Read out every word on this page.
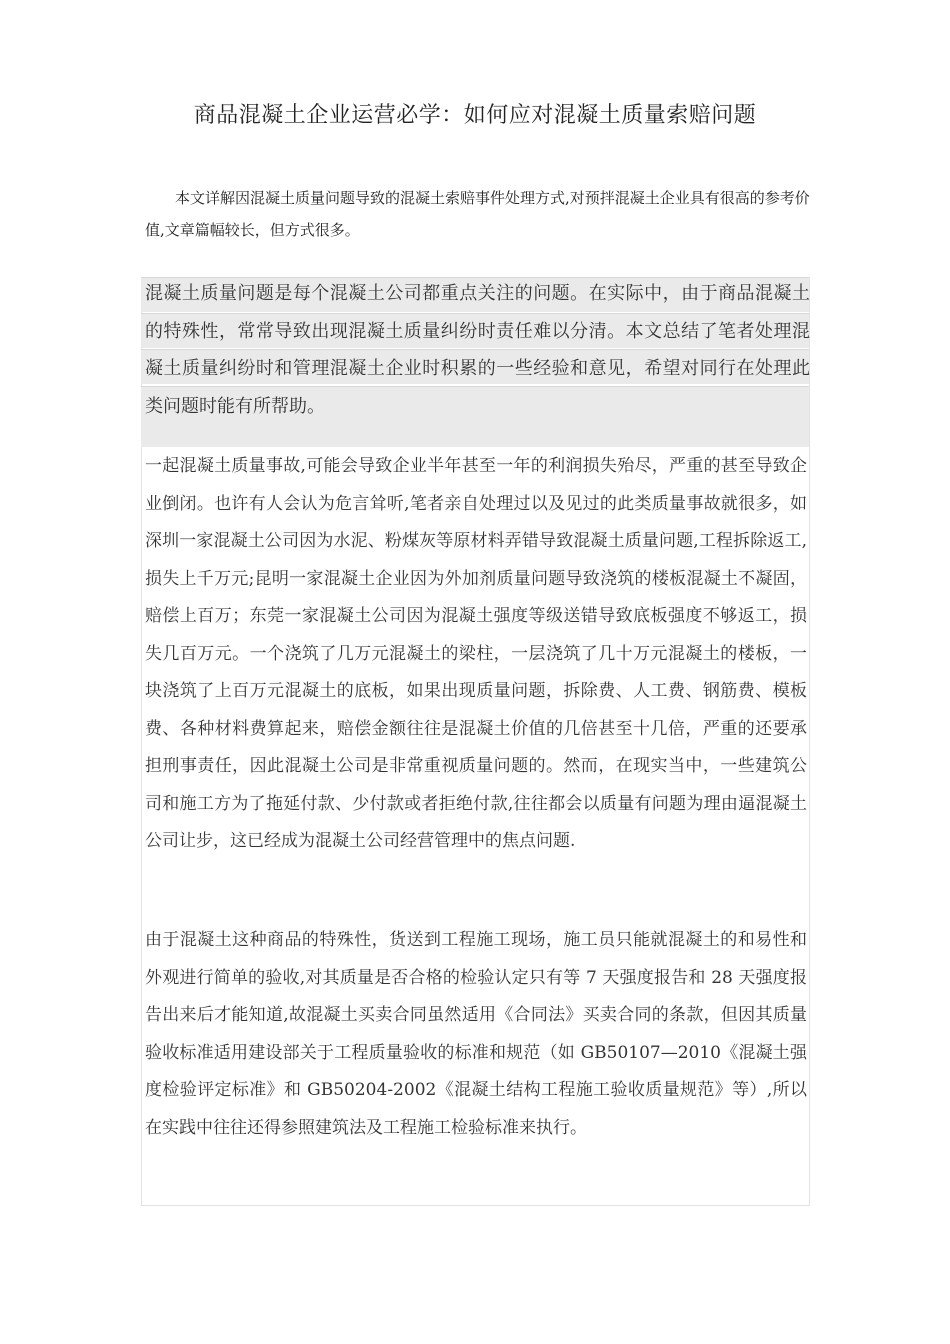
商品混凝土企业运营必学：如何应对混凝土质量索赔问题

本文详解因混凝土质量问题导致的混凝土索赔事件处理方式,对预拌混凝土企业具有很高的参考价值,文章篇幅较长，但方式很多。

混凝土质量问题是每个混凝土公司都重点关注的问题。在实际中，由于商品混凝土的特殊性，常常导致出现混凝土质量纠纷时责任难以分清。本文总结了笔者处理混凝土质量纠纷时和管理混凝土企业时积累的一些经验和意见，希望对同行在处理此类问题时能有所帮助。

一起混凝土质量事故,可能会导致企业半年甚至一年的利润损失殆尽，严重的甚至导致企业倒闭。也许有人会认为危言耸听,笔者亲自处理过以及见过的此类质量事故就很多，如深圳一家混凝土公司因为水泥、粉煤灰等原材料弄错导致混凝土质量问题,工程拆除返工,损失上千万元;昆明一家混凝土企业因为外加剂质量问题导致浇筑的楼板混凝土不凝固，赔偿上百万；东莞一家混凝土公司因为混凝土强度等级送错导致底板强度不够返工，损失几百万元。一个浇筑了几万元混凝土的梁柱，一层浇筑了几十万元混凝土的楼板，一块浇筑了上百万元混凝土的底板，如果出现质量问题，拆除费、人工费、钢筋费、模板费、各种材料费算起来，赔偿金额往往是混凝土价值的几倍甚至十几倍，严重的还要承担刑事责任，因此混凝土公司是非常重视质量问题的。然而，在现实当中，一些建筑公司和施工方为了拖延付款、少付款或者拒绝付款,往往都会以质量有问题为理由逼混凝土公司让步，这已经成为混凝土公司经营管理中的焦点问题.

由于混凝土这种商品的特殊性，货送到工程施工现场，施工员只能就混凝土的和易性和外观进行简单的验收,对其质量是否合格的检验认定只有等 7 天强度报告和 28 天强度报告出来后才能知道,故混凝土买卖合同虽然适用《合同法》买卖合同的条款，但因其质量验收标准适用建设部关于工程质量验收的标准和规范（如 GB50107—2010《混凝土强度检验评定标准》和 GB50204-2002《混凝土结构工程施工验收质量规范》等）,所以在实践中往往还得参照建筑法及工程施工检验标准来执行。
